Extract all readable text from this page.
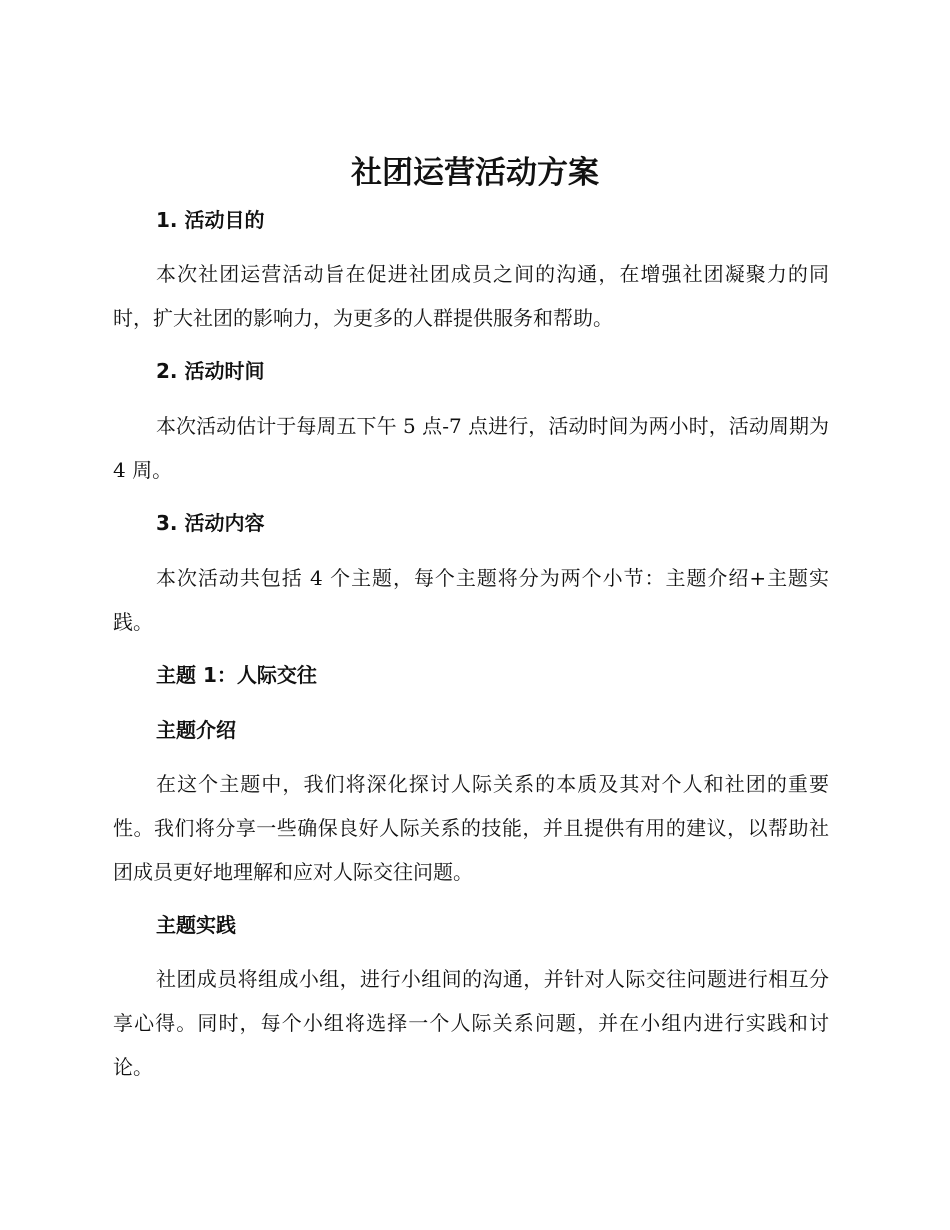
社团运营活动方案
1. 活动目的

本次社团运营活动旨在促进社团成员之间的沟通，在增强社团凝聚力的同时，扩大社团的影响力，为更多的人群提供服务和帮助。

2. 活动时间

本次活动估计于每周五下午 5 点-7 点进行，活动时间为两小时，活动周期为 4 周。

3. 活动内容

本次活动共包括 4 个主题，每个主题将分为两个小节：主题介绍+主题实践。

主题 1：人际交往
主题介绍

在这个主题中，我们将深化探讨人际关系的本质及其对个人和社团的重要性。我们将分享一些确保良好人际关系的技能，并且提供有用的建议，以帮助社团成员更好地理解和应对人际交往问题。

主题实践

社团成员将组成小组，进行小组间的沟通，并针对人际交往问题进行相互分享心得。同时，每个小组将选择一个人际关系问题，并在小组内进行实践和讨论。
